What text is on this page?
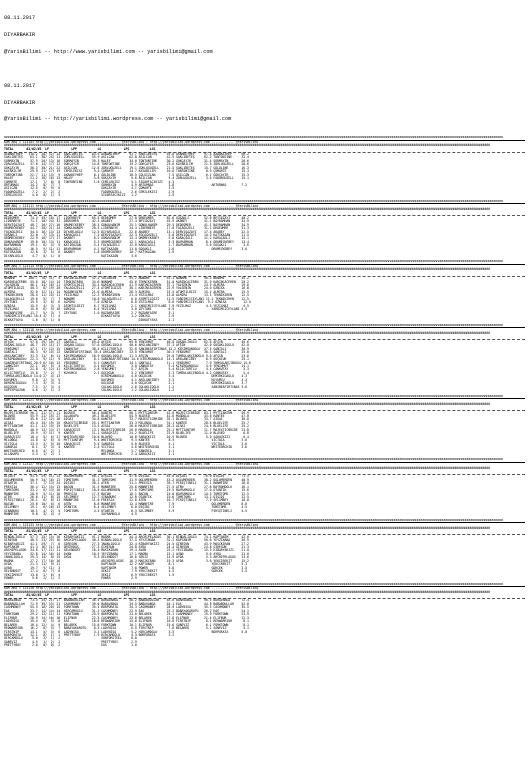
08.11.2017

DIYARBAKIR

@YarisBilimi -- http://www.yarisbilimi.com -- yarisbilimi@gmail.com

08.11.2017

DIYARBAKIR

@YarisBilimi -- http://yarisbilimi.wordpress.com -- yarisbilimi@gmail.com

####################################################################################################################################################################################################################################################################
KUM ARA = 123103 http://yarisbilimi.wordpress.com ............ @YarisBilimi : http://yarisbilimi.wordpress.com ............ @YarisBilimi
####################################################################################################################################################################################################################################################################
TOTAL       #1/#2/#3  LP            LPP           LS            LPS           LSS
AXBAKEYHEP   116.2  28/ 12/ 14  SAKLIBETEŞ     83.9 AXBAKEYHEP     91.7 SAKLIBETEŞ     55.8 AXBAKEYHEP     97.4 AXBAKEYHEP     90.2
SAKLIBETEŞ    63.1  38/ 24/ 11  ZORLUGUZELL    55.9 ASILCAN        62.8 ASILCAN        42.5 SAKLIBETEŞ     62.2 TONTONTINE     32.4
SORMAYIN      57.5  20/ 13/ 16  SORMAYIN       39.3 HALEF          34.0 TONTONTINE     30.2 GÖKÇAYIR       31.4 SORMAYIN       26.6
ZORLUGUZELL   37.6  14/ 17/ 12  GÖKÇAYIR       14.8 TONTONTINE     19.2 GÖKÇAYIR       23.6 KAYABILIM      21.5 ZORLUGUZELL    20.6
GÖKÇAYIR      36.3  30/ 21/ 22  ASILCAN        12.8 ZORLUGUZELL    19.1 ZORLUGUZELL    21.5 SAKLIBETEŞ     15.7 GÖLDLINE       16.3
KAYABILIM     29.9  21/ 17/ 19  CEMILEKISI      9.4 ÇOMARTE        14.7 KAYABILIM      10.8 TONTONTINE      8.9 ÇOMARTE        15.3
TONTONTINE    22.7  11/ 13/  9  AXBAKEYHEP      8.1 GÖLDLINE       10.5 ÇOLGIZLAN       7.5 ASILCAN         6.1 GÖKÇAYIR       15.3
HALEF         21.2  18/ 16/ 13  HALEF           5.8 GÖKÇAYIR        5.6 ASILCAN         5.4 ZORLUGUZELL     3.6 FADORGUZELL    15.1
ÇOMARTE       17.1   7/  8/  8  TONTONTINE      1.8 CEMILEKISI      5.1 SIGORTACIKIZI   4.3
ARTURNAS      14.2   0/  7/  7                      SORMAYIN        4.9 ARTURNAS        3.8                    ARTURNAS        7.2
ASILCAN       12.5   0/  9/  8                      GÖKÇAYIR        4.1 ÇOMARTE         3.5
FADORGUZELL    7.2   2/  2/  2                      FADORGUZELL     2.6 CEMILEKISI      2.9
CEMILEKISI     4.0   0/  1/  3                      SIGORTACIKIZI   1.2                 2.9
####################################################################################################################################################################################################################################################################
KUM ARA = 123111 http://yarisbilimi.wordpress.com ............ @YarisBilimi : http://yarisbilimi.wordpress.com ............ @YarisBilimi
####################################################################################################################################################################################################################################################################
TOTAL       #1/#2/#3  LP            LPP           LS            LPS           LSS
DEDEOMER      74.4  49/ 18/ 17  LIDERBEYE      65.5 DEDEOMER       27.8 DEDEOMER       82.6 GOŞAKLI        52.8 BEYIDZAYI      40.2
LIDERBEYE     71.1  10/ 24/ 32  DEDEOMER       42.5 AKABEY         27.4 BEYIDZAYI      45.9 AKABEY         41.1 BAYRAMHAN      34.9
DERVIŞAZAYI   48.7  16/ 27/ 16  ORUMECKEBEY    38.5 GONULHANIM     25.1 GONULHANIM     29.5 DEDEOMER       41.1 BAYRAMHAN      34.9
ORUMECKEBEY   44.7  20/ 21/ 14  GONULHANIM     28.5 LIDERBEYE      24.4 LIDERBEYE      17.8 FOÇAGUZELI     31.1 DEDEOMER       31.3
FOÇAGUZELI    34.3  16/ 13/ 13  DIYARLOGLU     12.5 DIYARLOGLU     22.6 AKABEY         13.1 DERVIŞAZAYI    17.4 AKABEY         22.5
GOŞAKLI       31.8   7/ 13/ 11  KARAÇAGLI       7.2 DERVIŞAZAYI    22.3 FOÇAGUZELI      5.8 DERVIŞAZAYI    14.3 KATIKAZAN      21.5
ORUMECKEBEY   22.9  16/ 17/ 17  AKABEY          6.2 GONULHANIM     13.4 ORUMECKEBEY     5.8 KARAÇAGLI      11.2 KARAÇAGLI      15.1
GONULHANIM    19.8  10/ 13/ 11  KARAÇAGLI       5.3 ORUMECKEBEY    12.1 KARAÇAGLI       5.3 BAYRAMHAN       8.4 ORUMECKEBEY    13.4
BAYRAMHAN     19.1   6/  5/  5  KATIKAZAN       5.4 FOÇAGUZELI     12.0 KARAÇAGLI       2.7 BAYRAMHAN       3.6 GOŞAKLI         3.6
KARAÇAGLI     16.5   9/ 11/ 11  BAYRAMHAN       4.1 KATIKAZAN      11.0 GOŞAKLI         2.6                    ORUMECKEBEY     3.6
KATIKAZAN     12.6   3/  5/  6  AKABEY          1.8 ORUMECKEBEY    10.7 KATIKAZAN       2.9
DIYARLOGLU     4.7   0/  1/  0                      KATIKAZAN       3.6
####################################################################################################################################################################################################################################################################
KUM ARA = 123114 http://yarisbilimi.wordpress.com ............ @YarisBilimi : http://yarisbilimi.wordpress.com ............ @YarisBilimi
####################################################################################################################################################################################################################################################################
TOTAL       #1/#2/#3  LP            LPP           LS            LPS           LSS
NONAME       100.7  78/ 11/  4  KARINCACEREN   52.2 YOLSENIN       55.2 NONAME         81.1 NONAME         90.2 NONAME         45.2
KARINCACEREN  55.6  18/ 14/ 14  TEKNIKIREN     34.6 NONAME         45.6 TEKNIKIREN     51.0 KARINCACEREN   31.9 KARINCACEREN   20.2
YOLSENIN      46.1  24/ 16/ 11  ATOMTILDIZI    34.4 KARINCACEREN   41.9 KARINCACEREN   37.1 YOLSENIN       24.9 ALMIRA         19.6
ATOMTILDIZI   40.3   8/ 19/ 20  YALAGUZELLI    27.4 ATOMTILDIZI    36.1 KARINCACEREN   22.9 YOLSENIN       24.0 OZNISA         18.8
ALMIRA        32.0  12/ 11/ 14  ROZANFAIRE     21.6 ALMIRA         28.3 ALMIRA         15.5 ATOMTILDIZI    15.2 ALMIRA         15.5
TEKNIKIREN    28.4  11/ 15/ 11  YEZILMAZ       12.3 TEKNIKIREN     21.4 YEZILMAZ       13.8 ALMIRA         13.1 TEKNIKIREN     12.5
YALAGUZELLI   19.6   9/  7/  7  NONAME         10.8 YALAGUZELLI     6.0 ATOMTILDIZI    11.5 YARDIMCICEYLANI 11.2 TEKNIKIREN    12.5
ZEYTUNI       15.9   3/  6/  6  ALMIRA          7.0 OZNISA          6.8 YEZILMAZ        8.6 YARDIMCICEYLANI  9.1 OZNISA         12.5
OZNISA        15.5   4/  3/  5  ATOMTILDIZI     6.7 YEZILMAZ        2.1 YARDIMCICEYLANI 7.9 YEZILMAZ        4.5 YEZILMAZ        4.5
YEZILMAZ      15.0   6/  5/ 10  OZNISA          6.5 YEZILMAZ        3.8 ZEYTUNI         6.9                    YARDIMCICEYLANI 4.5
ROZANFAIRE    11.7   5/  3/  7  ZEYTUNI         1.0 ROZANFAIRE      2.7 ROZANFAIRE      3.1
YARDIMCICEYLANI 10.4 4/  1/  4                      DIKKATYAYA      1.2 OZNISA          2.9
DIKKATYAYA     1.6   0/  1/  0                                          DIKKATYAYA      2.1
####################################################################################################################################################################################################################################################################
KUM ARA = 123118 http://yarisbilimi.wordpress.com ............ @YarisBilimi : http://yarisbilimi.wordpress.com ............ @YarisBilimi
####################################################################################################################################################################################################################################################################
TOTAL       #1/#2/#3  LP            LPP           LS            LPS           LSS
AFŞIN         57.6  29/ 16/ 17  GANTALI        69.6 AFŞIN          69.8 YENIUMUT       40.8 GOŞAKLIOGLU    62.6 AFŞIN          45.6
GOŞAKLIOGLU   48.7  19/ 11/ 17  GOŞAKLIOGLU    57.6 GOŞAKLIOGLU    40.6 ARSLANCIBEY    37.3 AFŞIN          42.0 GOŞAKLIOGLU    42.0
YENIUMUT      47.1  17/ 13/ 15  CANKUTAY       38.4 KILICTORTLU    32.8 SANIBEAFIRTINAS 32.2 KIRIMGANOGLU  37.5 GANTALI        30.9
GANTALI       38.3   9/ 15/ 13  SANIBEAFIRTINAS 35.4 ARSLANCIBEY   13.5 YENIUMUT       30.3 YENIUMUT       30.3 GANTALI        25.0
ARSLANCIBEY   31.3  11/  6/ 11  KIRIMGANOGLU   18.9 GOŞAKLIOGLU    11.3 AFŞIN          25.8 TUMSULAKÇIBOGLU 9.6 AFŞIN          23.6
KIRIMGANOGLU  22.3   9/ 11/  9  ARSLANCIBEY     8.1 SANIBEAFIRTINAS 14.6 KIRIMGANOGLU  14.1 ARSLANCIBEY     8.9 OGÇOCUK        15.1
SANIBEAFIRTINAS 20.5 6/ 10/ 13  YENIUMUT        5.1 CANKUTAY       14.1 GANTALI        11.1 YENIUMUT        7.9 TUMSULAKÇIBOGLU 14.6
CANKUTAY      22.1  10/  5/  4  KILICTORTLU     4.4 KUYUMCU         3.0 CANKUTAY        9.4 KIRIMGANOGLU    4.6 YENIUMUT       14.1
AFŞIN         21.8   4/ 12/ 11  KIRIMGANOGLU    2.8 YENIUMUT        5.7 AFŞIN           5.4 KILICTORTLU     4.4 CANKUTAY        5.3
KILICTORTLU   15.8   7/  2/  7  KUYUMCU         2.1 OGÇOCUK         3.2 YENIUMUT        3.3 TUMSULAKÇIBOGLU 4.2 CANKUTAY        4.4
TUMSULAKÇIBOGLU 14.0 2/  4/ 13                      KIRIMGANOGLU    4.6 OGÇOCUK         3.4                    DEMIRKIGAGLU    4.3
KUYUMCU        9.0   2/  3/  5                      KUYUMCU         4.1 ARSLANCIBEY     3.3                    KUYUMCU         4.3
DEMIRKIGAGLU   7.5   3/  3/  4                      OGÇOCUK         4.0 OGÇOCUK         2.1                    DEMIRKIGAGLU    3.7
OGÇOCUK        7.5   2/  3/  4                      COLAKLIOGLU     2.6 COLAKLIOGLU     1.2                    SANIBEAFIRTINAS 3.6
SÜPTEPSAZAN    4.6   1/  1/  2                      COLAKLIOGLU     1.2 COLAKLIOGLU     1.2
####################################################################################################################################################################################################################################################################
KUM ARA = 123121 http://yarisbilimi.wordpress.com ............ @YarisBilimi : http://yarisbilimi.wordpress.com ............ @YarisBilimi
####################################################################################################################################################################################################################################################################
TOTAL       #1/#2/#3  LP            LPP           LS            LPS           LSS
MAJESTICBRIDE 56.3  21/ 17/ 11  BLOVED         56.4 KANTEE         56.1 MYTTIANTUM     42.6 MAJESTICBRIDE  83.1 MYTTIANTUM     59.9
BLOVED        55.9  21/ 15/ 27  ALLAKAPA       49.2 BLUELIFE       54.9 BLOVED         41.6 MAGDOLA        43.6 KANTEE         47.0
KANTEE        45.0  21/ 12/ 18  AIGAI          34.8 KANTEE         33.7 MAJESTICBRIDE  35.1 BLOVED         33.7 AIGAI          38.8
AIGAI         43.4  15/ 19/ 15  MAJESTICBRIDE  25.1 MYTTIANTUM     33.3 MILONGA        31.1 KANTEE         28.6 BLUELIFE       25.7
MYTTIANTUM    41.1  11/ 15/ 15  BLUELIFE       13.5 AIGAI          26.6 MAJESTICBRIDE  28.3 AIGAI          24.5 BLUELIFE       25.2
MAGDOLA       40.9  13/ 13/ 17  SARAÇKIZI      13.1 MAJESTICBRIDE  26.0 MAGDOLA        25.1 MYTTIANTUM     11.7 MAJESTICBRIDE  23.8
BLUELIFE      19.9   5/ 11/  9  KANTEE         11.1 SARAÇKIZI      24.2 BLUELIFE       22.9 BLUELIFE       11.0 BLOVED          6.8
SARAÇKIZI     18.4   5/  6/ 17  WHITEORCHID    10.8 BLOVED         10.8 SARAÇKIZI      10.5 BLOVED          5.0 SARAÇKIZI       6.4
MILONGA       14.0   4/  6/  8  MYTTIANTUM      9.4 WHITEORCHID     9.3 KANTEE          8.5                    VICTOLA         3.6
VICTOLA       13.3   3/  9/ 10  SARAÇKIZI       5.4 SANGRIA         5.0 BLOVED          5.1                    VICTOLA         3.6
SANGRIA        8.1   3/  3/  4  KANTEE          2.4 VICTOLA         4.6 WHITEORCHID     3.1                    WHITEORCHID     3.6
WHITEORCHID    6.5   4/  2/  1                      MILONGA         3.7 SANGRIA         3.1
ALLAKAPA       4.3   1/  2/  1                      WHITEORCHID     2.4 SARAÇKIZI       2.1
####################################################################################################################################################################################################################################################################
KUM ARA = 123127 http://yarisbilimi.wordpress.com ............ @YarisBilimi : http://yarisbilimi.wordpress.com ............ @YarisBilimi
####################################################################################################################################################################################################################################################################
TOTAL       #1/#2/#3  LP            LPP           LS            LPS           LSS
DIŞIDI        53.9  29/ 11/ 13  OGLUMERDEN     60.1 DIŞIDI         47.6 DIŞIDI         81.8 DIŞIDI         76.0 DIŞIDI         71.5
OGLUMERDEN    50.9  24/ 18/ 12  TOMSTOMS       41.3 TOMSTOMS       31.9 OGLUMERDEN     43.2 OGLUMERDEN     38.2 OGLUMERDEN     40.9
OTANTIK       37.1   7/ 13/ 24  DIŞIDI         36.2 ATEN           31.1 PREESIA        35.7 PIRIŞTINELI    31.1 MANMFIRE       18.8
PREESIA       36.4  12/ 15/ 13  BACON          31.5 MANNFIRE       25.6 MANNFIRE       27.5 ATEN           27.8 BAYRAMOGLU     16.1
TOMSTOMS      33.2   6/ 13/ 10  PIRIŞTINELI    18.0 OGLUMERDEN     17.6 TOMSTOMS       19.5 BAYRAMOGLU     17.0 OTANTIK        15.6
MANNFIRE      28.9   5/ 11/ 18  PREESIA        17.5 BACON          16.1 BACON          15.8 BAYRAMOGLU     14.3 TOMSTOMS       12.5
ATEN          26.6  11/  8/ 15  SELIMBEY       12.7 SINABURG       12.0 OTANTIK        15.6 TOMSTOMS       13.2 DIŞIDI         12.5
PIRIŞTINELI   26.1   6/  8/ 13  MANNFIRE       11.6 FREESIA        12.8 ATEN           10.7 PIRIŞTINELI     7.9 SELIMBEY       10.8
BACON         25.6  10/  6/  6  ATEN            8.8 MANNFIRE       12.4 MANNFIRE        7.9                    OGLUMERDEN      8.6
SELIMBEY      19.1   6/ 10/ 13  OTANTIK         6.4 SELIMBEY        6.8 DIŞIDI          7.3                    TOMSTOMS        4.5
SINABURG      10.1   4/  2/  5  TOMSTOMS        4.5 OTANTIK         6.3 SELIMBEY        5.9                    PIRIŞTINELI     4.5
MANMFIRE       9.8   3/  4/  4                      SAYRAMOGLU      4.5
####################################################################################################################################################################################################################################################################
KUM ARA = 123133 http://yarisbilimi.wordpress.com ............ @YarisBilimi : http://yarisbilimi.wordpress.com ............ @YarisBilimi
####################################################################################################################################################################################################################################################################
TOTAL       #1/#2/#3  LP            LPP           LS            LPS           LSS
BINDALIOGLU   57.3  25/ 15/ 16  KIBARYAKIZI    91.2 MAGMA          44.4 ARCHIPELAGOS   36.1 BINDALIOGLU    74.1 KAPTANIM       42.0
GIRESUN       48.5  23/ 25/ 16  ARCHIPELAGOS   40.4 BINDALIOGLU    37.5 YEYZIBABA      32.2 KAPTANIM       50.0 YEYZIBABA      36.9
KIBARYAKIZI   41.1  29/  7/  8  GIRESUN        27.3 INANLIOGLU     32.4 KIBARYAKIZI    24.5 GIRESUN        43.9 MASIKIRAN      27.2
KAPTANIM      41.3  16/ 11/ 14  ORTEKBAŞ       27.3 GIRESUN        24.8 AYDA           24.4 GIRESUN        24.8 GIRESUN        21.3
ARCHIPELAGOS  34.8  17/ 11/ 11  GELENDOST      16.4 MASIKIRAN      19.4 AVAN           25.2 YEYZIBABA      15.3 KIBARYAKIZI    21.0
YEYZIBABA     32.8  14/ 16/ 14  AVAN           10.5 YEYZIBABA      17.1 MAGMA          15.1 AVAN            9.6 AYDA           21.0
INANLIOGLU    29.3  14/  8/ 15  AYDA            9.3 GELENDOST      16.6 SEKIZ          14.9 AYDA            5.3 ARCHIPELAGOS   13.6
MAGMA         27.2  17/ 10/ 16                      ARCHIPELAGOS   16.3 MASIKIRAN      19.3 AYDA            3.6 YEKCIREKIT     15.2
AYDA          21.3  11/  9/ 11                      KAPTANIM       12.2 KAPTANIM        8.1                    YEKCIREKIT      5.3
AVAN          19.7   9/ 11/  3                      KAPTANIM        7.8 POWER           5.8                    GÖRCEK          3.5
GELENDOST     17.4   6/  7/  8                      SEKIZ           7.9 YEKCIREKIT      4.5                    GÖRCEK          3.5
YEKCIREKIT    13.0   2/  6/  4                      SEKIZ           6.9 YEKCIREKIT      1.9
POWER          5.8   2/  1/  2                      POWER           2.9
####################################################################################################################################################################################################################################################################
KUM ARA = 123138 http://yarisbilimi.wordpress.com ............ @YarisBilimi : http://yarisbilimi.wordpress.com ............ @YarisBilimi
####################################################################################################################################################################################################################################################################
TOTAL       #1/#2/#3  LP            LPP           LS            LPS           LSS
BARAVANGA     73.4  35/ 21/ 17  BABABOULLAH    46.5 BARAVANGA      58.2 BABABOULLAH    65.6 BARAVANGA      90.5 BARAVANGA      72.4
BABABOULLAH   71.9  39/ 15/ 21  CASHMONEY      39.0 BABAVANGA      34.5 BABAVANGA      44.1 EAS            44.8 BABABOULLAH    52.8
CASHMONEY     55.5  18/ 20/ 15  FORKTOWN       35.5 BORPORATA      34.3 CASHMONEY      28.9 LADYNISA       35.5 CASHMONEY      35.5
EAS           33.7  14/ 14/ 14  HIRCAMOGLU     31.2 CASHMONEY      22.9 EAS            23.2 BABAYAKAROTU   26.2 EAS            24.1
FORKTOWN      29.2  12/ 11/ 11  FORKTOWN       25.5 BORPORATA      21.0 BELAREK        25.1 CASHMONEY      15.9 FORKTOWN       23.9
ELIFNUR       26.9  14/ 10/ 10  ELIFNUR        22.3 CASHMONEY      23.8 BELAREK        17.8 ELIFNUR        21.4 ELIFNUR        12.3
LADYNISA      19.4   6/  5/  8  EAS            18.6 REDWARRIOR     15.0 ELIFNUR        16.8 FIRSTNIP        8.1 REDWARRIOR      8.1
BELAREK       16.4  12/  4/  9  BELAREK        15.6 FORKTOWN       10.1 ELIFNUR        15.6 SANEVIZ         6.1 FORKTOWN        8.1
REDWARRIOR    16.2   6/  5/  7  BABAYAKAROTU    6.5 LADYNISA        6.5 FIRSTNIP        7.6 BELAREK         5.1 SANEVIZ         5.1
FIRSTNIP      13.1   5/  5/  6  LADYNISA        3.1 LADYNISA        5.2 HIRCAMOGLU      3.5                    BORPORATA       5.0
BORPORATA     12.1   8/  1/  1  PRETTYBOY       1.9 HIRCAMOGLU      4.3 BORPORATA       3.2
HIRCAMOGLU     5.0   2/  1/  2                      SUNFORSTEEL     0.8
SANEVIZ        4.5   1/  2/  2                      PRETTYBOY       2.9
PRETTYBOY      2.0   0/  0/  2                      EAS             1.0
